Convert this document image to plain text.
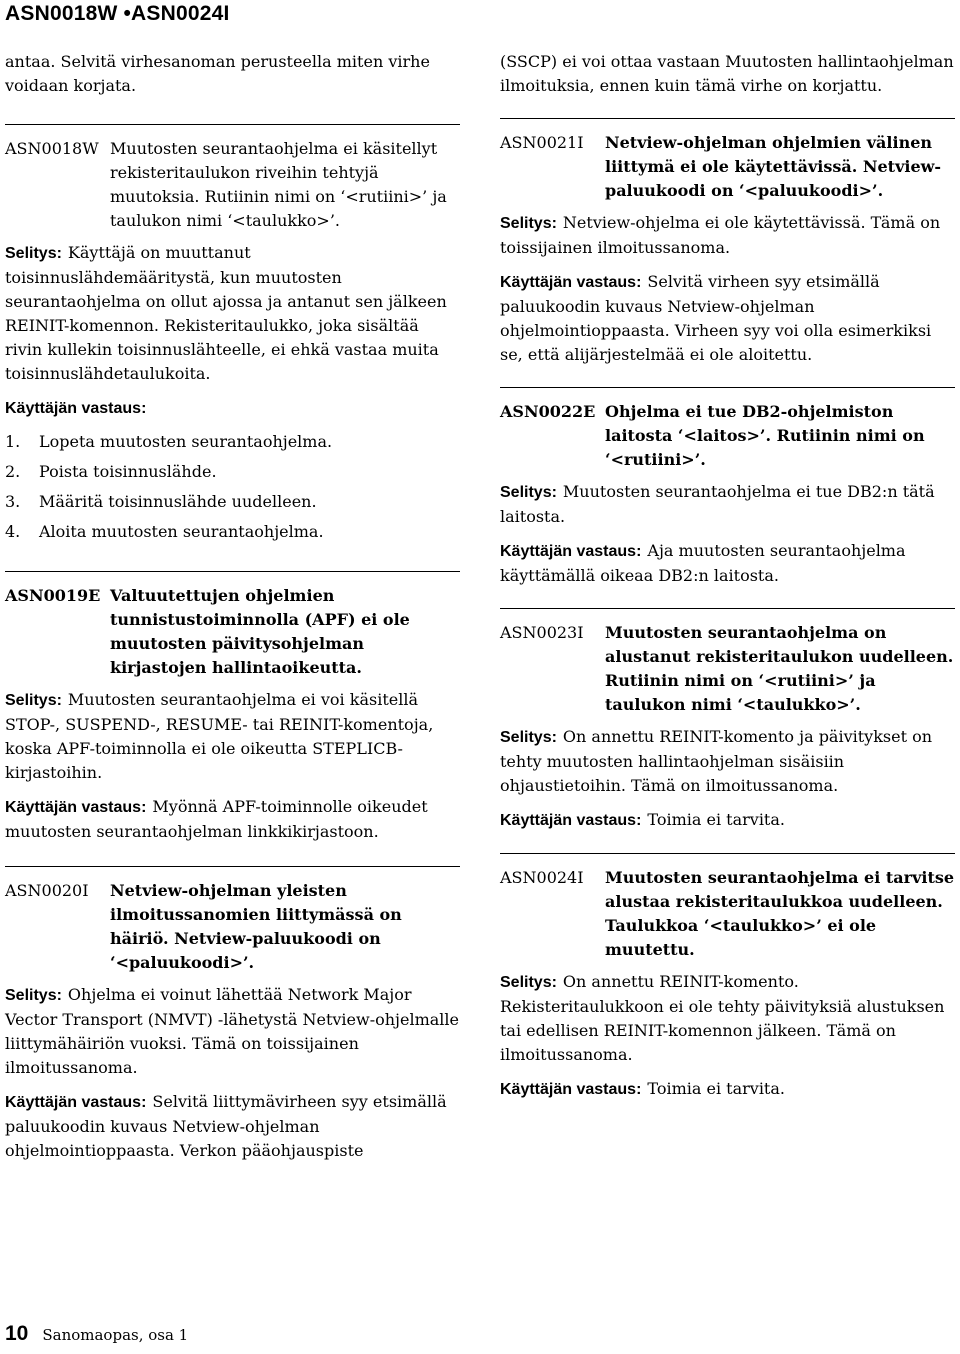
ASN0018W •ASN0024I

antaa. Selvitä virhesanoman perusteella miten virhe voidaan korjata.

ASN0018W Muutosten seurantaohjelma ei käsitellyt rekisteritaulukon riveihin tehtyjä muutoksia. Rutiinin nimi on ‘<rutiini>’ ja taulukon nimi ‘<taulukko>’.

Selitys: Käyttäjä on muuttanut toisinnuslähdemääritystä, kun muutosten seurantaohjelma on ollut ajossa ja antanut sen jälkeen REINIT-komennon. Rekisteritaulukko, joka sisältää rivin kullekin toisinnuslähteelle, ei ehkä vastaa muita toisinnuslähdetaulukoita.

Käyttäjän vastaus:

1. Lopeta muutosten seurantaohjelma.
2. Poista toisinnuslähde.
3. Määritä toisinnuslähde uudelleen.
4. Aloita muutosten seurantaohjelma.
ASN0019E Valtuutettujen ohjelmien tunnistustoiminnolla (APF) ei ole muutosten päivitysohjelman kirjastojen hallintaoikeutta.

Selitys: Muutosten seurantaohjelma ei voi käsitellä STOP-, SUSPEND-, RESUME- tai REINIT-komentoja, koska APF-toiminnolla ei ole oikeutta STEPLICB-kirjastoihin.

Käyttäjän vastaus: Myönnä APF-toiminnolle oikeudet muutosten seurantaohjelman linkkikirjastoon.

ASN0020I	Netview-ohjelman yleisten ilmoitussanomien liittymässä on häiriö. Netview-paluukoodi on ‘<paluukoodi>’.

Selitys: Ohjelma ei voinut lähettää Network Major Vector Transport (NMVT) -lähetystä Netview-ohjelmalle liittymähäiriön vuoksi. Tämä on toissijainen ilmoitussanoma.

Käyttäjän vastaus: Selvitä liittymävirheen syy etsimällä paluukoodin kuvaus Netview-ohjelman ohjelmointioppaasta. Verkon pääohjauspiste

(SSCP) ei voi ottaa vastaan Muutosten hallintaohjelman ilmoituksia, ennen kuin tämä virhe on korjattu.

ASN0021I	Netview-ohjelman ohjelmien välinen liittymä ei ole käytettävissä. Netview-paluukoodi on ‘<paluukoodi>’.

Selitys: Netview-ohjelma ei ole käytettävissä. Tämä on toissijainen ilmoitussanoma.

Käyttäjän vastaus: Selvitä virheen syy etsimällä paluukoodin kuvaus Netview-ohjelman ohjelmointioppaasta. Virheen syy voi olla esimerkiksi se, että alijärjestelmää ei ole aloitettu.

ASN0022E Ohjelma ei tue DB2-ohjelmiston laitosta ‘<laitos>’. Rutiinin nimi on ‘<rutiini>’.

Selitys: Muutosten seurantaohjelma ei tue DB2:n tätä laitosta.

Käyttäjän vastaus: Aja muutosten seurantaohjelma käyttämällä oikeaa DB2:n laitosta.

ASN0023I	Muutosten seurantaohjelma on alustanut rekisteritaulukon uudelleen. Rutiinin nimi on ‘<rutiini>’ ja taulukon nimi ‘<taulukko>’.

Selitys: On annettu REINIT-komento ja päivitykset on tehty muutosten hallintaohjelman sisäisiin ohjaustietoihin. Tämä on ilmoitussanoma.

Käyttäjän vastaus: Toimia ei tarvita.

ASN0024I	Muutosten seurantaohjelma ei tarvitse alustaa rekisteritaulukkoa uudelleen. Taulukkoa ‘<taulukko>’ ei ole muutettu.

Selitys: On annettu REINIT-komento. Rekisteritaulukkoon ei ole tehty päivityksiä alustuksen tai edellisen REINIT-komennon jälkeen. Tämä on ilmoitussanoma.

Käyttäjän vastaus: Toimia ei tarvita.

10 Sanomaopas, osa 1
